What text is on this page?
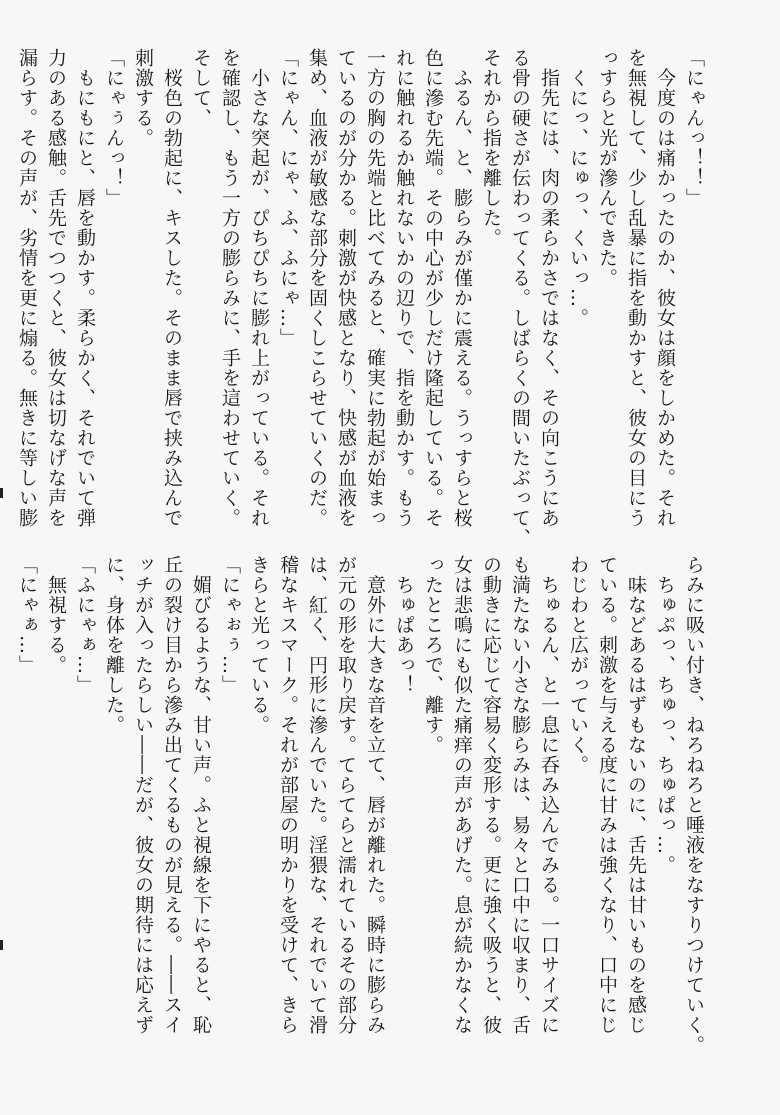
「にゃんっ！！」
　今度のは痛かったのか、彼女は顔をしかめた。それ
を無視して、少し乱暴に指を動かすと、彼女の目にう
っすらと光が滲んできた。
　くにっ、にゅっ、くいっ…。
　指先には、肉の柔らかさではなく、その向こうにあ
る骨の硬さが伝わってくる。しばらくの間いたぶって、
それから指を離した。
　ふるん、と、膨らみが僅かに震える。うっすらと桜
色に滲む先端。その中心が少しだけ隆起している。そ
れに触れるか触れないかの辺りで、指を動かす。もう
一方の胸の先端と比べてみると、確実に勃起が始まっ
ているのが分かる。刺激が快感となり、快感が血液を
集め、血液が敏感な部分を固くしこらせていくのだ。
「にゃん、にゃ、ふ、ふにゃ…」
　小さな突起が、ぴちぴちに膨れ上がっている。それ
を確認し、もう一方の膨らみに、手を這わせていく。
そして、
　桜色の勃起に、キスした。そのまま唇で挟み込んで
刺激する。
「にゃぅんっ！」
　もにもにと、唇を動かす。柔らかく、それでいて弾
力のある感触。舌先でつつくと、彼女は切なげな声を
漏らす。その声が、劣情を更に煽る。無きに等しい膨
らみに吸い付き、ねろねろと唾液をなすりつけていく。
　ちゅぷっ、ちゅっ、ちゅぱっ…。
　味などあるはずもないのに、舌先は甘いものを感じ
ている。刺激を与える度に甘みは強くなり、口中にじ
わじわと広がっていく。
　ちゅるん、と一息に呑み込んでみる。一口サイズに
も満たない小さな膨らみは、易々と口中に収まり、舌
の動きに応じて容易く変形する。更に強く吸うと、彼
女は悲鳴にも似た痛痒の声があげた。息が続かなくな
ったところで、離す。
　ちゅぱあっ！
　意外に大きな音を立て、唇が離れた。瞬時に膨らみ
が元の形を取り戻す。てらてらと濡れているその部分
は、紅く、円形に滲んでいた。淫猥な、それでいて滑
稽なキスマーク。それが部屋の明かりを受けて、きら
きらと光っている。
「にゃぉぅ…」
　媚びるような、甘い声。ふと視線を下にやると、恥
丘の裂け目から滲み出てくるものが見える。――スイ
ッチが入ったらしい――だが、彼女の期待には応えず
に、身体を離した。
「ふにゃぁ…」
　無視する。
「にゃぁ…」
